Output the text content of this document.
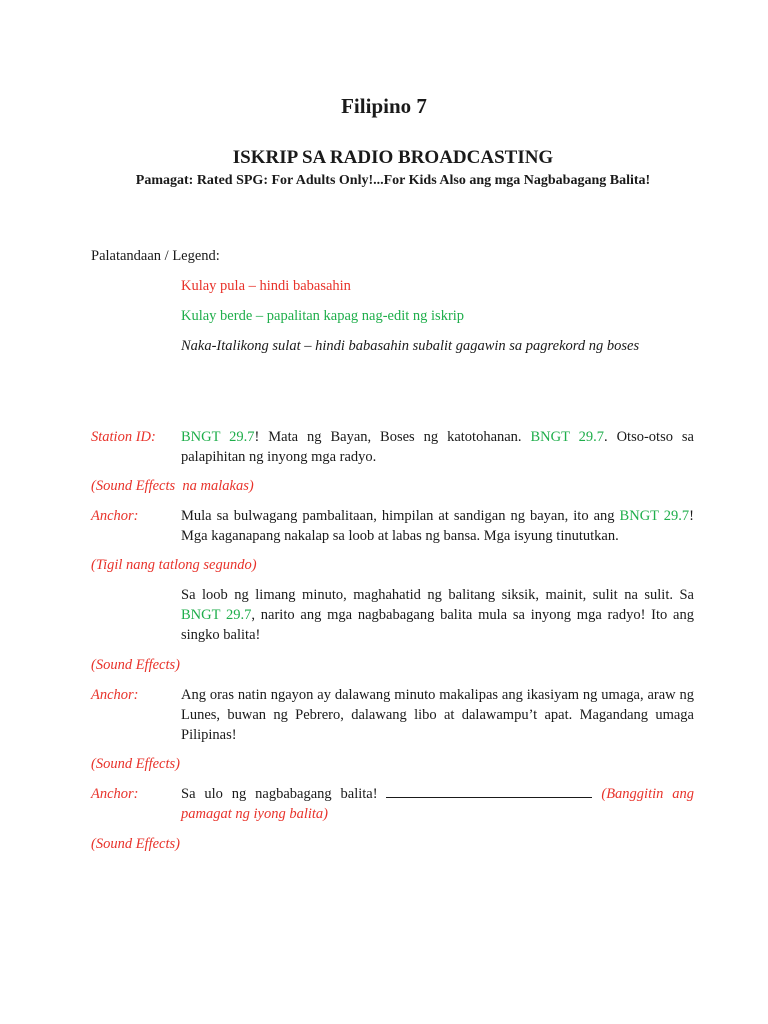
Filipino 7
ISKRIP SA RADIO BROADCASTING
Pamagat: Rated SPG: For Adults Only!...For Kids Also ang mga Nagbabagang Balita!
Palatandaan / Legend:
Kulay pula – hindi babasahin
Kulay berde – papalitan kapag nag-edit ng iskrip
Naka-Italikong sulat – hindi babasahin subalit gagawin sa pagrekord ng boses
Station ID:	BNGT 29.7! Mata ng Bayan, Boses ng katotohanan. BNGT 29.7. Otso-otso sa palapihitan ng inyong mga radyo.
(Sound Effects  na malakas)
Anchor:	Mula sa bulwagang pambalitaan, himpilan at sandigan ng bayan, ito ang BNGT 29.7! Mga kaganapang nakalap sa loob at labas ng bansa. Mga isyung tinututkan.
(Tigil nang tatlong segundo)
Sa loob ng limang minuto, maghahatid ng balitang siksik, mainit, sulit na sulit. Sa BNGT 29.7, narito ang mga nagbabagang balita mula sa inyong mga radyo! Ito ang singko balita!
(Sound Effects)
Anchor:	Ang oras natin ngayon ay dalawang minuto makalipas ang ikasiyam ng umaga, araw ng Lunes, buwan ng Pebrero, dalawang libo at dalawampu’t apat. Magandang umaga Pilipinas!
(Sound Effects)
Anchor:	Sa ulo ng nagbabagang balita!	(Banggitin ang pamagat ng iyong balita)
(Sound Effects)
